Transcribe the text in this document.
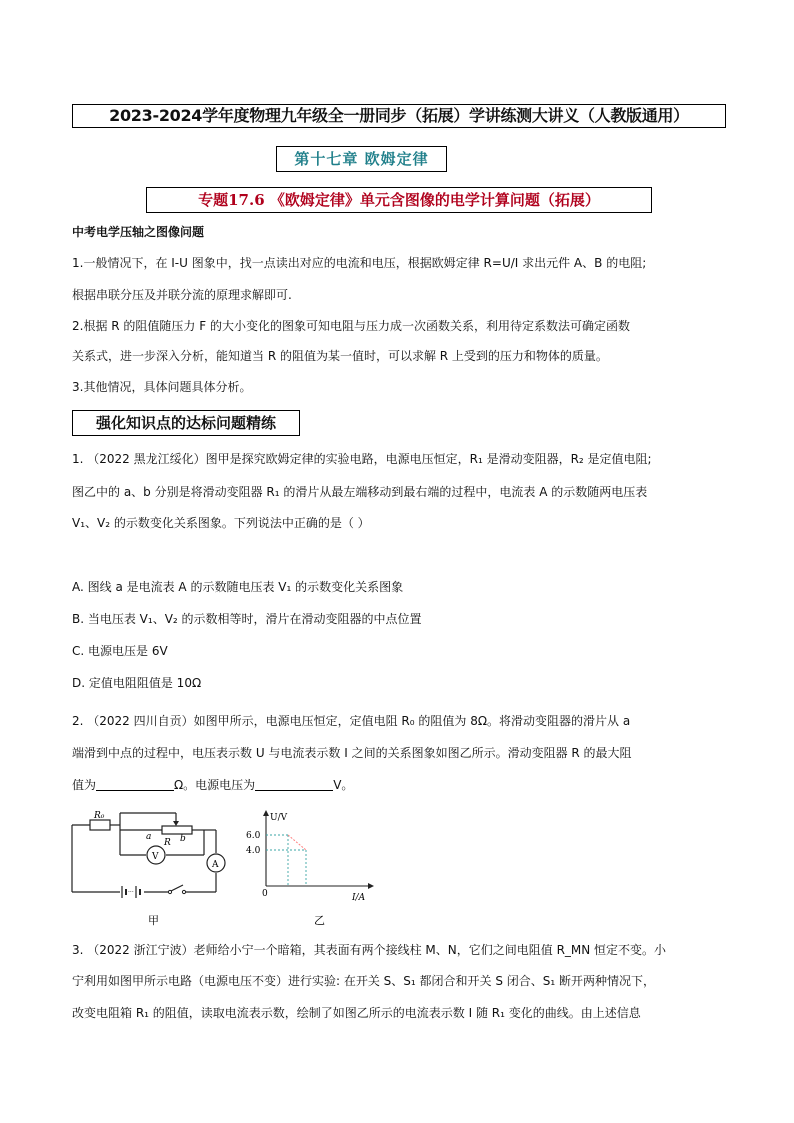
2023-2024学年度物理九年级全一册同步（拓展）学讲练测大讲义（人教版通用）
第十七章 欧姆定律
专题17.6 《欧姆定律》单元含图像的电学计算问题（拓展）
中考电学压轴之图像问题
1.一般情况下，在 I-U 图象中，找一点读出对应的电流和电压，根据欧姆定律 R=U/I 求出元件 A、B 的电阻;
根据串联分压及并联分流的原理求解即可.
2.根据 R 的阻值随压力 F 的大小变化的图象可知电阻与压力成一次函数关系，利用待定系数法可确定函数
关系式，进一步深入分析，能知道当 R 的阻值为某一值时，可以求解 R 上受到的压力和物体的质量。
3.其他情况，具体问题具体分析。
强化知识点的达标问题精练
1. （2022 黑龙江绥化）图甲是探究欧姆定律的实验电路，电源电压恒定，R₁ 是滑动变阻器，R₂ 是定值电阻;
图乙中的 a、b 分别是将滑动变阻器 R₁ 的滑片从最左端移动到最右端的过程中，电流表 A 的示数随两电压表
V₁、V₂ 的示数变化关系图象。下列说法中正确的是（ ）
A. 图线 a 是电流表 A 的示数随电压表 V₁ 的示数变化关系图象
B. 当电压表 V₁、V₂ 的示数相等时，滑片在滑动变阻器的中点位置
C. 电源电压是 6V
D. 定值电阻阻值是 10Ω
2. （2022 四川自贡）如图甲所示，电源电压恒定，定值电阻 R₀ 的阻值为 8Ω。将滑动变阻器的滑片从 a
端滑到中点的过程中，电压表示数 U 与电流表示数 I 之间的关系图象如图乙所示。滑动变阻器 R 的最大阻
值为	Ω。电源电压为	V。
···
R₀
a	b
R
V
A
甲
U/V
I/A
0
6.0
4.0
乙
3. （2022 浙江宁波）老师给小宁一个暗箱，其表面有两个接线柱 M、N，它们之间电阻值 R_MN 恒定不变。小
宁利用如图甲所示电路（电源电压不变）进行实验: 在开关 S、S₁ 都闭合和开关 S 闭合、S₁ 断开两种情况下，
改变电阻箱 R₁ 的阻值，读取电流表示数，绘制了如图乙所示的电流表示数 I 随 R₁ 变化的曲线。由上述信息
